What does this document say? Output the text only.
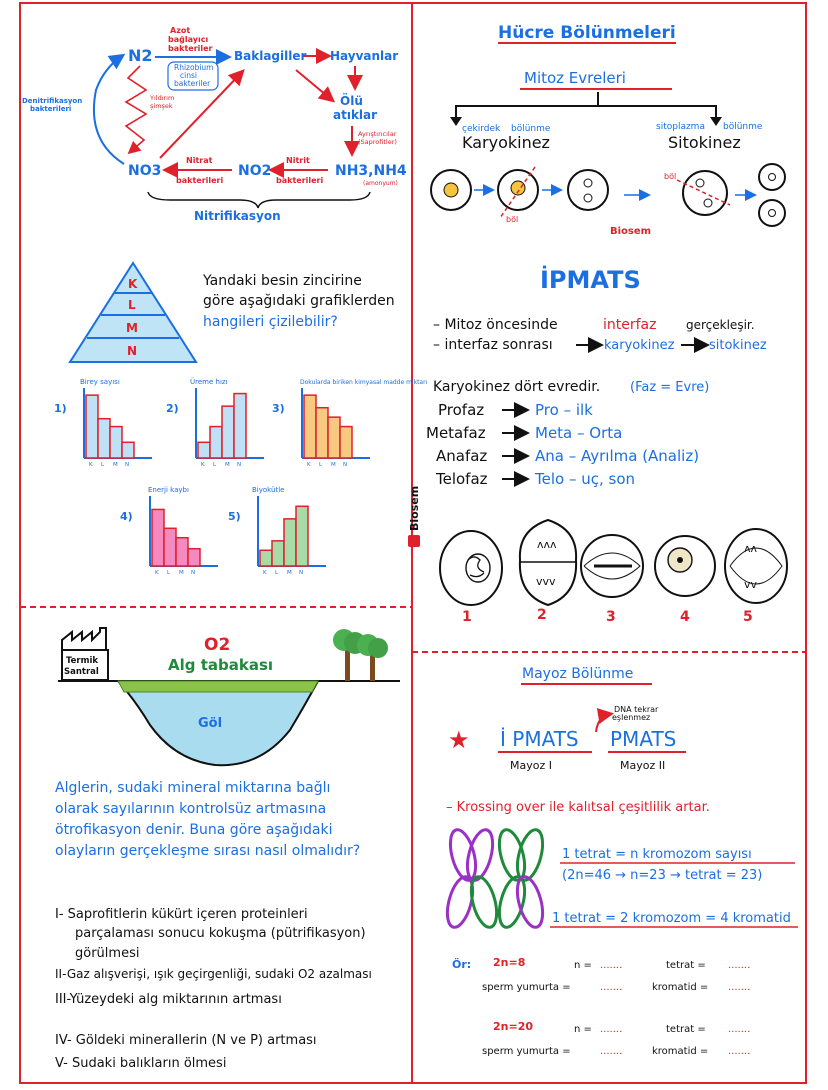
N2
Azot
bağlayıcı
bakteriler
Rhizobium
cinsi
bakteriler
Baklagiller Hayvanlar
Ölü
atıklar
Ayrıştırıcılar
(Saprofitler)
NH3,NH4
(amonyum)
Nitrit
bakterileri
NO2
Nitrat
bakterileri
NO3
Yıldırım
şimşek
Denitrifikasyon
bakterileri
Nitrifikasyon
K
L
M
N
Yandaki besin zincirine
göre aşağıdaki grafiklerden
hangileri çizilebilir?
1)
Birey sayısı
K L M N
2)
Üreme hızı
K L M N
3)
Dokularda biriken kimyasal madde miktarı
K L M N
4)
Enerji kaybı
K L M N
5)
Biyokütle
K L M N
Termik
Santral
O2
Alg tabakası
Göl
Alglerin, sudaki mineral miktarına bağlı
olarak sayılarının kontrolsüz artmasına
ötrofikasyon denir. Buna göre aşağıdaki
olayların gerçekleşme sırası nasıl olmalıdır?
I- Saprofitlerin kükürt içeren proteinleri
parçalaması sonucu kokuşma (pütrifikasyon)
görülmesi
II-Gaz alışverişi, ışık geçirgenliği, sudaki O2 azalması
III-Yüzeydeki alg miktarının artması
IV- Göldeki minerallerin (N ve P) artması
V- Sudaki balıkların ölmesi
Biosem
Hücre Bölünmeleri
Mitoz Evreleri
çekirdek bölünme
Karyokinez
sitoplazma bölünme
Sitokinez
böl
böl
Biosem
İPMATS
– Mitoz öncesinde	interfaz gerçekleşir.
– interfaz sonrası	karyokinez	sitokinez
Karyokinez dört evredir. (Faz = Evre)
Profaz	Pro – ilk
Metafaz	Meta – Orta
Anafaz	Ana – Ayrılma (Analiz)
Telofaz	Telo – uç, son
ʌʌʌ
vvv
ʌʌ
vv
1	2	3	4	5
Mayoz Bölünme
DNA tekrar
eşlenmez
★ İ PMATS PMATS
Mayoz I	Mayoz II
– Krossing over ile kalıtsal çeşitlilik artar.
1 tetrat = n kromozom sayısı
(2n=46 → n=23 → tetrat = 23)
1 tetrat = 2 kromozom = 4 kromatid
Ör: 2n=8	n = .......	tetrat = .......
sperm yumurta =	.......	kromatid = .......
2n=20	n = .......	tetrat = .......
sperm yumurta =	.......	kromatid = .......
